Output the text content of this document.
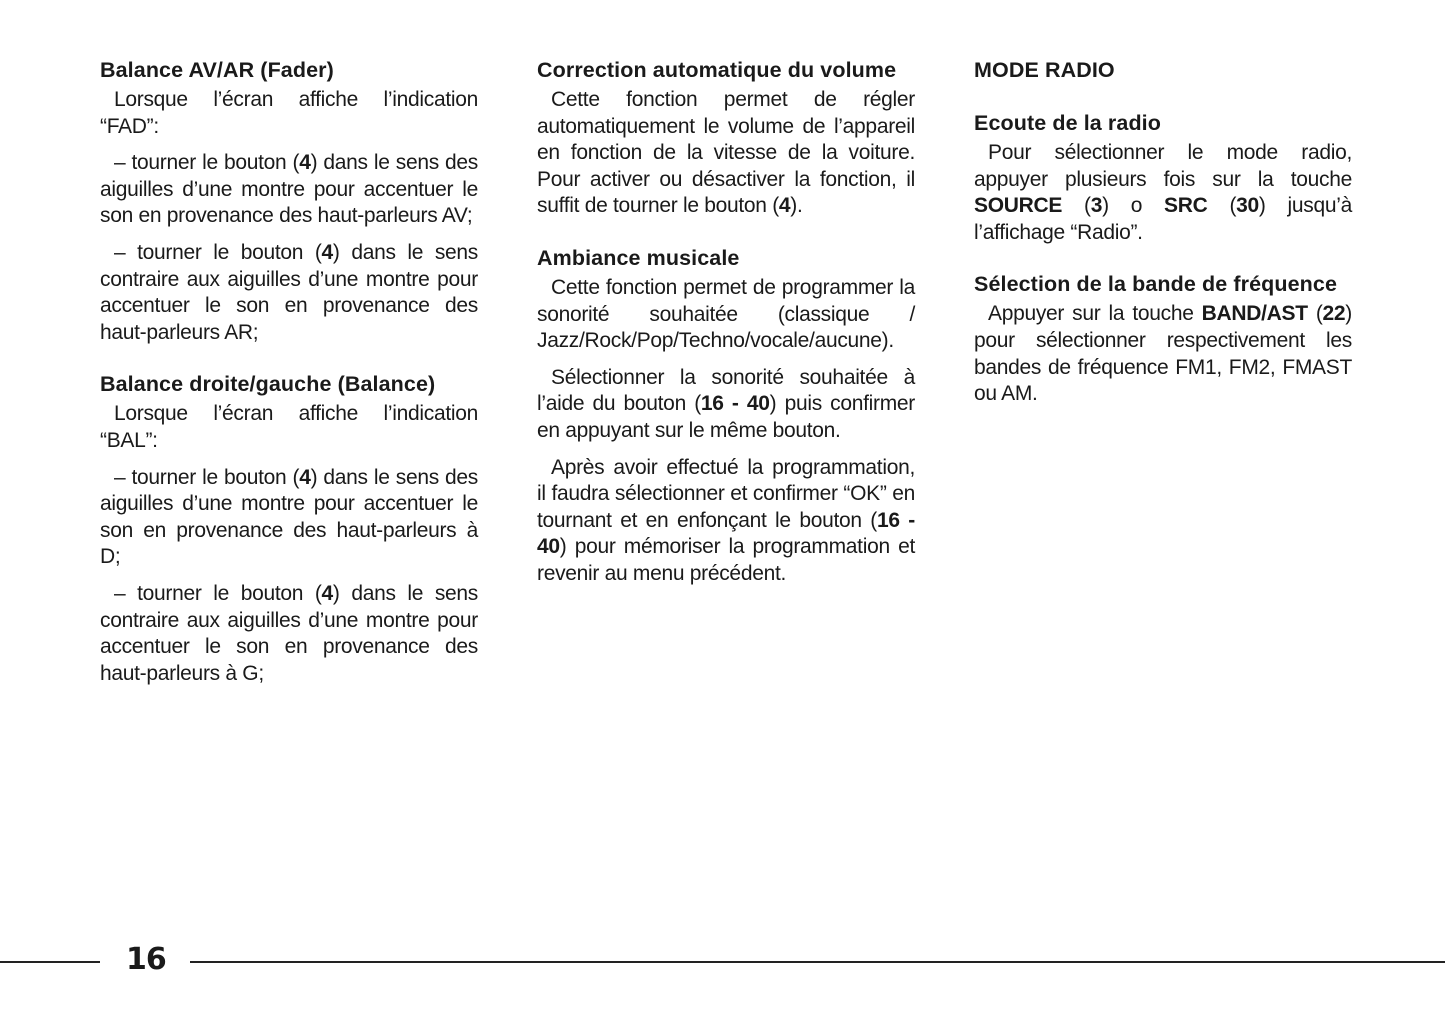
Balance AV/AR (Fader)

Lorsque l’écran affiche l’indication “FAD”:

– tourner le bouton (4) dans le sens des aiguilles d’une montre pour accentuer le son en provenance des haut-parleurs AV;

– tourner le bouton (4) dans le sens contraire aux aiguilles d’une montre pour accentuer le son en provenance des haut-parleurs AR;

Balance droite/gauche (Balance)

Lorsque l’écran affiche l’indication “BAL”:

– tourner le bouton (4) dans le sens des aiguilles d’une montre pour accentuer le son en provenance des haut-parleurs à D;

– tourner le bouton (4) dans le sens contraire aux aiguilles d’une montre pour accentuer le son en provenance des haut-parleurs à G;

Correction automatique du volume

Cette fonction permet de régler automatiquement le volume de l’appareil en fonction de la vitesse de la voiture. Pour activer ou désactiver la fonction, il suffit de tourner le bouton (4).

Ambiance musicale

Cette fonction permet de programmer la sonorité souhaitée (classique / Jazz/Rock/Pop/Techno/vocale/aucune).

Sélectionner la sonorité souhaitée à l’aide du bouton (16 - 40) puis confirmer en appuyant sur le même bouton.

Après avoir effectué la programmation, il faudra sélectionner et confirmer “OK” en tournant et en enfonçant le bouton (16 - 40) pour mémoriser la programmation et revenir au menu précédent.

MODE RADIO
Ecoute de la radio

Pour sélectionner le mode radio, appuyer plusieurs fois sur la touche SOURCE (3) o SRC (30) jusqu’à l’affichage “Radio”.

Sélection de la bande de fréquence

Appuyer sur la touche BAND/AST (22) pour sélectionner respectivement les bandes de fréquence FM1, FM2, FMAST ou AM.

16
